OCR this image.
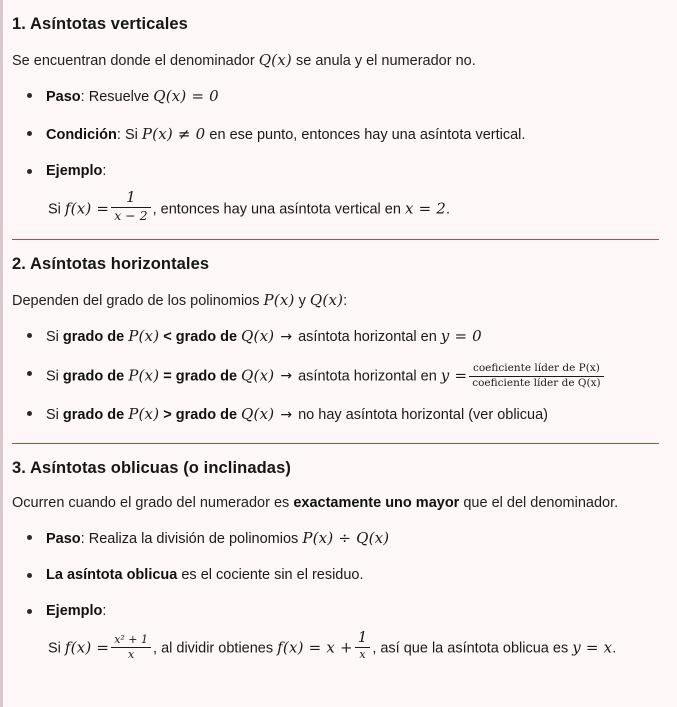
1. Asíntotas verticales

Se encuentran donde el denominador Q(x) se anula y el numerador no.

Paso: Resuelve Q(x) = 0
Condición: Si P(x) ≠ 0 en ese punto, entonces hay una asíntota vertical.
Ejemplo:
Si $f(x) = \frac{1}{x - 2}$ , entonces hay una asíntota vertical en x = 2.
2. Asíntotas horizontales

Dependen del grado de los polinomios P(x) y Q(x):

Si grado de P(x) < grado de Q(x) → asíntota horizontal en y = 0
Si grado de P(x) = grado de Q(x) → asíntota horizontal en $y = \frac{\text{coeficiente líder de P(x)}}{\text{coeficiente líder de Q(x)}}$
Si grado de P(x) > grado de Q(x) → no hay asíntota horizontal (ver oblicua)
3. Asíntotas oblicuas (o inclinadas)

Ocurren cuando el grado del numerador es exactamente uno mayor que el del denominador.

Paso: Realiza la división de polinomios P(x) ÷ Q(x)
La asíntota oblicua es el cociente sin el residuo.
Ejemplo:
Si $f(x) = \frac{\text{x² + 1}}{x}$ , al dividir obtienes $f(x) = x + \frac{1}{x}$ , así que la asíntota oblicua es y = x.
